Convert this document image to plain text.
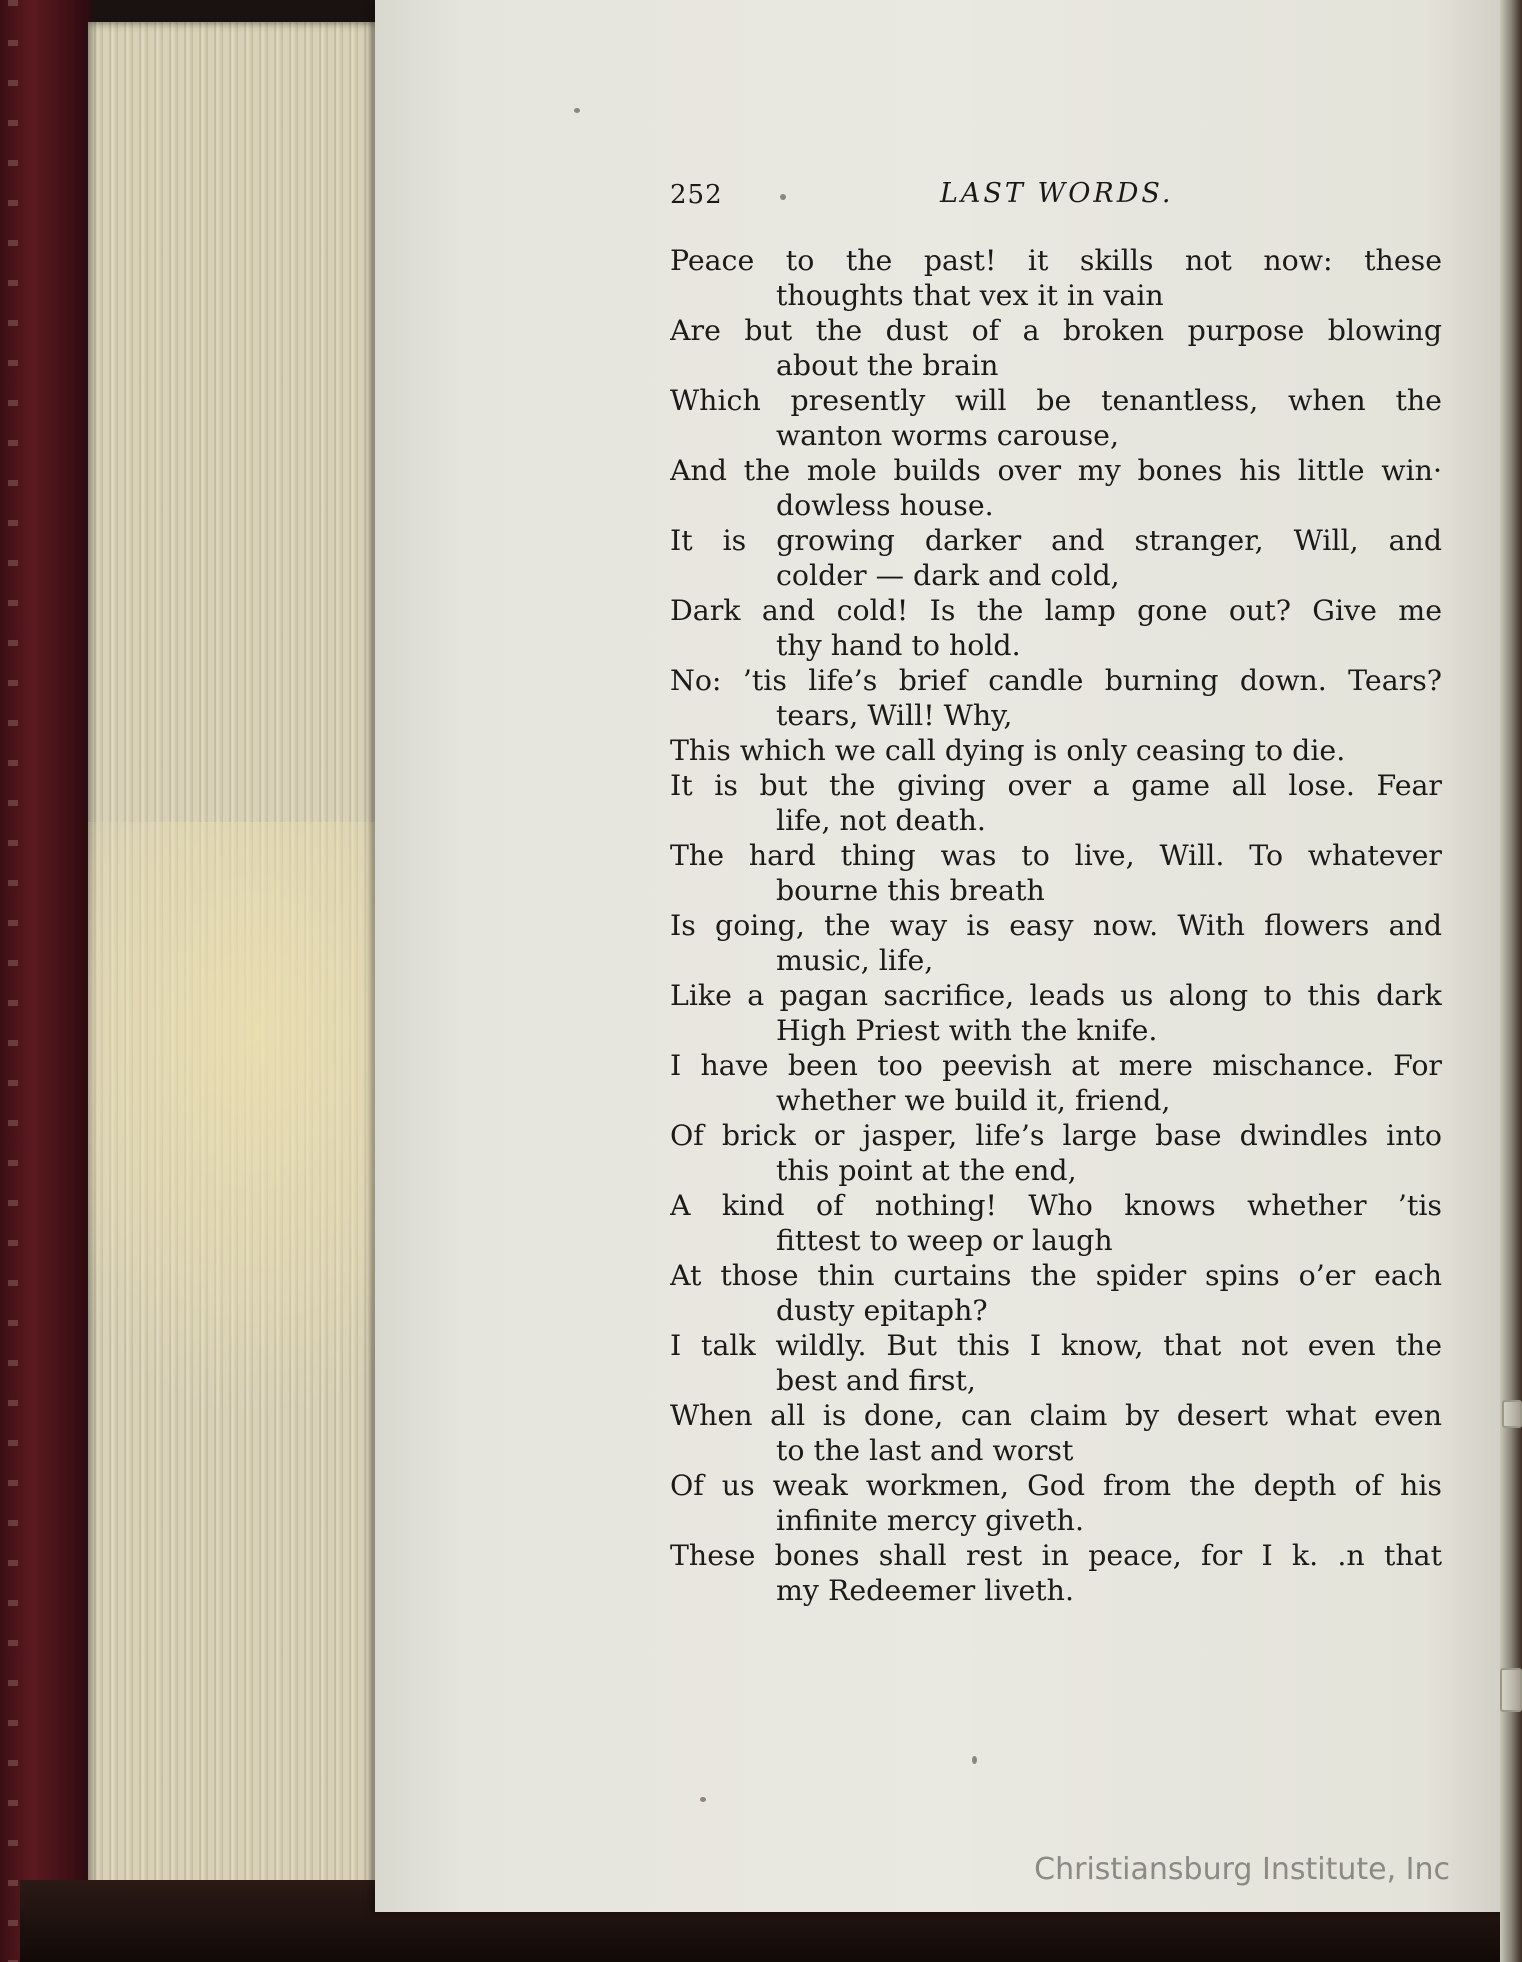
252	LAST WORDS.
Peace to the past! it skills not now: these
thoughts that vex it in vain
Are but the dust of a broken purpose blowing
about the brain
Which presently will be tenantless, when the
wanton worms carouse,
And the mole builds over my bones his little win·
dowless house.
It is growing darker and stranger, Will, and
colder — dark and cold,
Dark and cold! Is the lamp gone out? Give me
thy hand to hold.
No: ’tis life’s brief candle burning down. Tears?
tears, Will! Why,
This which we call dying is only ceasing to die.
It is but the giving over a game all lose. Fear
life, not death.
The hard thing was to live, Will. To whatever
bourne this breath
Is going, the way is easy now. With flowers and
music, life,
Like a pagan sacrifice, leads us along to this dark
High Priest with the knife.
I have been too peevish at mere mischance. For
whether we build it, friend,
Of brick or jasper, life’s large base dwindles into
this point at the end,
A kind of nothing! Who knows whether ’tis
fittest to weep or laugh
At those thin curtains the spider spins o’er each
dusty epitaph?
I talk wildly. But this I know, that not even the
best and first,
When all is done, can claim by desert what even
to the last and worst
Of us weak workmen, God from the depth of his
infinite mercy giveth.
These bones shall rest in peace, for I k. .n that
my Redeemer liveth.
Christiansburg Institute, Inc
